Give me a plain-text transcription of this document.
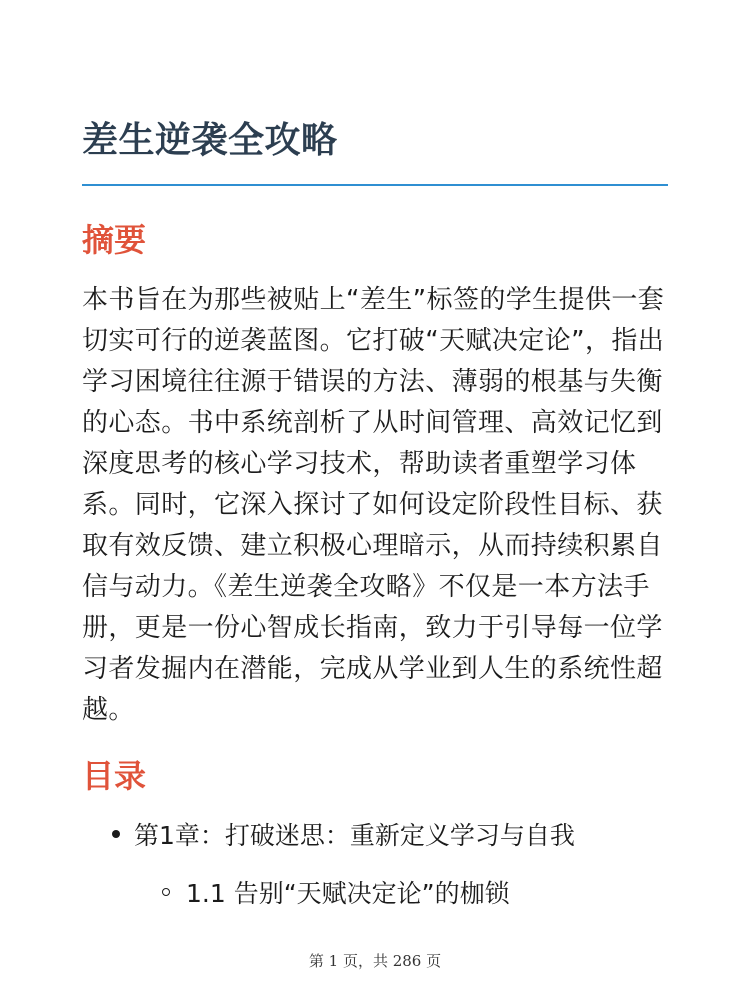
差生逆袭全攻略
摘要

本书旨在为那些被贴上“差生”标签的学生提供一套切实可行的逆袭蓝图。它打破“天赋决定论”，指出学习困境往往源于错误的方法、薄弱的根基与失衡的心态。书中系统剖析了从时间管理、高效记忆到深度思考的核心学习技术，帮助读者重塑学习体系。同时，它深入探讨了如何设定阶段性目标、获取有效反馈、建立积极心理暗示，从而持续积累自信与动力。《差生逆袭全攻略》不仅是一本方法手册，更是一份心智成长指南，致力于引导每一位学习者发掘内在潜能，完成从学业到人生的系统性超越。

目录
第1章：打破迷思：重新定义学习与自我
1.1 告别“天赋决定论”的枷锁
第 1 页，共 286 页
